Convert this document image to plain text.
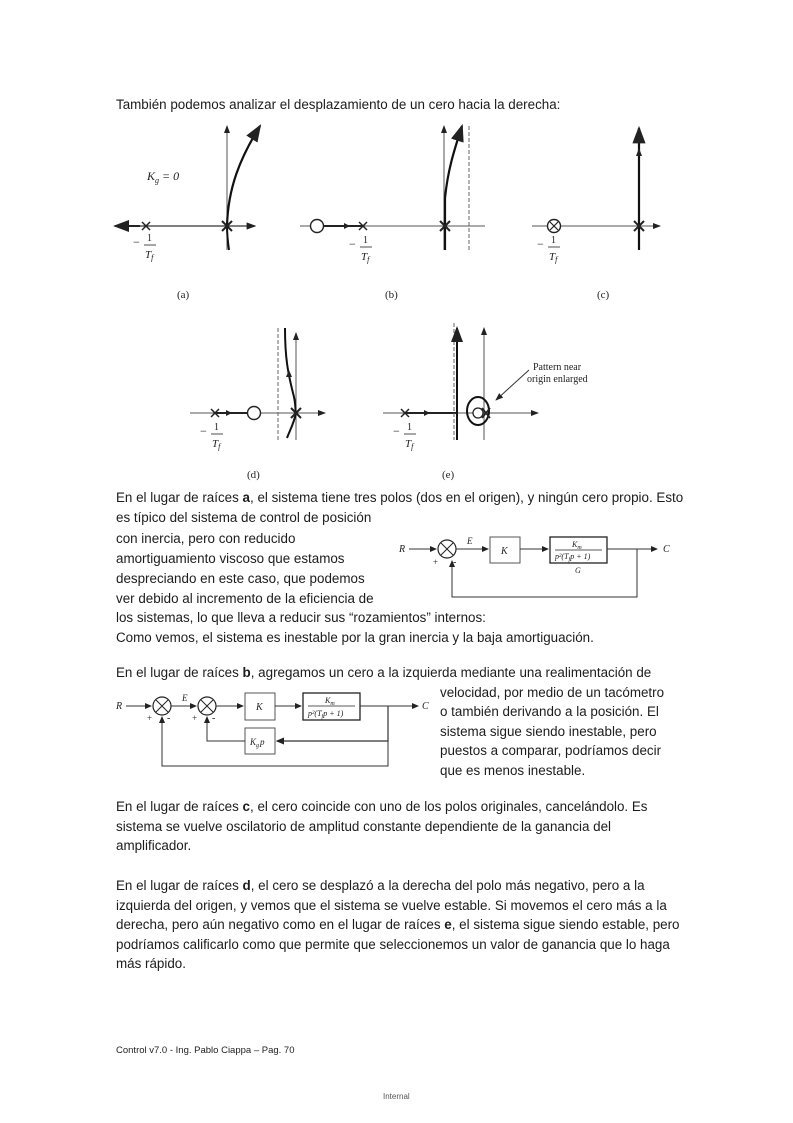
También podemos analizar el desplazamiento de un cero hacia la derecha:
$K_g = 0$
− 1
Tf
(a)
− 1
Tf
(b)
− 1
Tf
(c)
− 1
Tf
(d)
Pattern near
origin enlarged
− 1
Tf
(e)
En el lugar de raíces a, el sistema tiene tres polos (dos en el origen), y ningún cero propio. Esto
es típico del sistema de control de posición
con inercia, pero con reducido
amortiguamiento viscoso que estamos
despreciando en este caso, que podemos
ver debido al incremento de la eficiencia de
los sistemas, lo que lleva a reducir sus “rozamientos” internos:
Como vemos, el sistema es inestable por la gran inercia y la baja amortiguación.
R
+ -
E
K
$K_m$
$p^2(T_fp + 1)$
G
C
En el lugar de raíces b, agregamos un cero a la izquierda mediante una realimentación de
velocidad, por medio de un tacómetro
o también derivando a la posición. El
sistema sigue siendo inestable, pero
puestos a comparar, podríamos decir
que es menos inestable.
R
+ -
E
+ -
K
$K_m$
$p^2(T_fp + 1)$
C
$K_gp$
En el lugar de raíces c, el cero coincide con uno de los polos originales, cancelándolo. Es
sistema se vuelve oscilatorio de amplitud constante dependiente de la ganancia del
amplificador.
En el lugar de raíces d, el cero se desplazó a la derecha del polo más negativo, pero a la
izquierda del origen, y vemos que el sistema se vuelve estable. Si movemos el cero más a la
derecha, pero aún negativo como en el lugar de raíces e, el sistema sigue siendo estable, pero
podríamos calificarlo como que permite que seleccionemos un valor de ganancia que lo haga
más rápido.
Control v7.0 - Ing. Pablo Ciappa – Pag. 70
Internal
